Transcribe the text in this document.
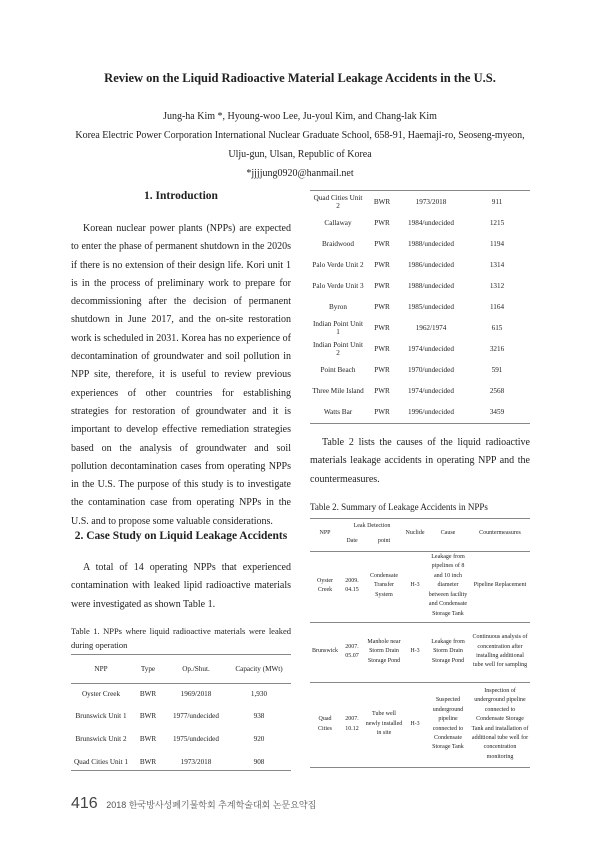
Review on the Liquid Radioactive Material Leakage Accidents in the U.S.
Jung-ha Kim *, Hyoung-woo Lee, Ju-youl Kim, and Chang-lak Kim
Korea Electric Power Corporation International Nuclear Graduate School, 658-91, Haemaji-ro, Seoseng-myeon,
Ulju-gun, Ulsan, Republic of Korea
*jjjjung0920@hanmail.net
1. Introduction
Korean nuclear power plants (NPPs) are expected to enter the phase of permanent shutdown in the 2020s if there is no extension of their design life. Kori unit 1 is in the process of preliminary work to prepare for decommissioning after the decision of permanent shutdown in June 2017, and the on-site restoration work is scheduled in 2031. Korea has no experience of decontamination of groundwater and soil pollution in NPP site, therefore, it is useful to review previous experiences of other countries for establishing strategies for restoration of groundwater and it is important to develop effective remediation strategies based on the analysis of groundwater and soil pollution decontamination cases from operating NPPs in the U.S. The purpose of this study is to investigate the contamination case from operating NPPs in the U.S. and to propose some valuable considerations.
2. Case Study on Liquid Leakage Accidents
A total of 14 operating NPPs that experienced contamination with leaked lipid radioactive materials were investigated as shown Table 1.
Table 1. NPPs where liquid radioactive materials were leaked during operation
NPP	Type	Op./Shut.	Capacity (MWt)
Oyster Creek	BWR	1969/2018	1,930
Brunswick Unit 1	BWR	1977/undecided	938
Brunswick Unit 2	BWR	1975/undecided	920
Quad Cities Unit 1	BWR	1973/2018	908
Quad Cities Unit 2	BWR	1973/2018	911
Callaway	PWR	1984/undecided	1215
Braidwood	PWR	1988/undecided	1194
Palo Verde Unit 2	PWR	1986/undecided	1314
Palo Verde Unit 3	PWR	1988/undecided	1312
Byron	PWR	1985/undecided	1164
Indian Point Unit 1	PWR	1962/1974	615
Indian Point Unit 2	PWR	1974/undecided	3216
Point Beach	PWR	1970/undecided	591
Three Mile Island	PWR	1974/undecided	2568
Watts Bar	PWR	1996/undecided	3459
Table 2 lists the causes of the liquid radioactive materials leakage accidents in operating NPP and the countermeasures.
Table 2. Summary of Leakage Accidents in NPPs
NPP	Leak Detection		Nuclide	Cause	Countermeasures
	Date	point			
Oyster Creek	2009. 04.15	Condensate Transfer System	H-3	Leakage from pipelines of 8 and 10 inch diameter between facility and Condensate Storage Tank	Pipeline Replacement
Brunswick	2007. 05.07	Manhole near Storm Drain Storage Pond	H-3	Leakage from Storm Drain Storage Pond	Continuous analysis of concentration after installing additional tube well for sampling
Quad Cities	2007. 10.12	Tube well newly installed in site	H-3	Suspected underground pipeline connected to Condensate Storage Tank	Inspection of underground pipeline connected to Condensate Storage Tank and installation of additional tube well for concentration monitoring
416 2018 한국방사성폐기물학회 추계학술대회 논문요약집
